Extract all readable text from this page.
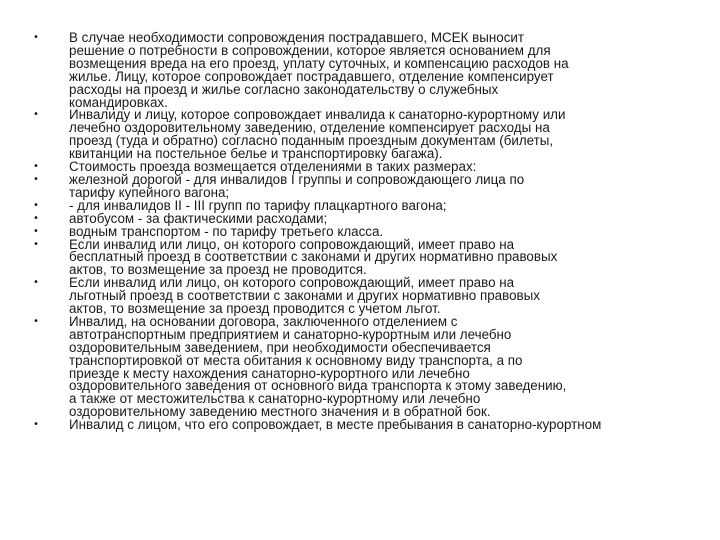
•	В случае необходимости сопровождения пострадавшего, МСЕК выносит
решение о потребности в сопровождении, которое является основанием для
возмещения вреда на его проезд, уплату суточных, и компенсацию расходов на
жилье. Лицу, которое сопровождает пострадавшего, отделение компенсирует
расходы на проезд и жилье согласно законодательству о служебных
командировках.
•	Инвалиду и лицу, которое сопровождает инвалида к санаторно-курортному или
лечебно оздоровительному заведению, отделение компенсирует расходы на
проезд (туда и обратно) согласно поданным проездным документам (билеты,
квитанции на постельное белье и транспортировку багажа).
•	Стоимость проезда возмещается отделениями в таких размерах:
•	железной дорогой - для инвалидов I группы и сопровождающего лица по
тарифу купейного вагона;
•	- для инвалидов II - III групп по тарифу плацкартного вагона;
•	автобусом - за фактическими расходами;
•	водным транспортом - по тарифу третьего класса.
•	Если инвалид или лицо, он которого сопровождающий, имеет право на
бесплатный проезд в соответствии с законами и других нормативно правовых
актов, то возмещение за проезд не проводится.
•	Если инвалид или лицо, он которого сопровождающий, имеет право на
льготный проезд в соответствии с законами и других нормативно правовых
актов, то возмещение за проезд проводится с учетом льгот.
•	Инвалид, на основании договора, заключенного отделением с
автотранспортным предприятием и санаторно-курортным или лечебно
оздоровительным заведением, при необходимости обеспечивается
транспортировкой от места обитания к основному виду транспорта, а по
приезде к месту нахождения санаторно-курортного или лечебно
оздоровительного заведения от основного вида транспорта к этому заведению,
а также от местожительства к санаторно-курортному или лечебно
оздоровительному заведению местного значения и в обратной бок.
•	Инвалид с лицом, что его сопровождает, в месте пребывания в санаторно-курортном
